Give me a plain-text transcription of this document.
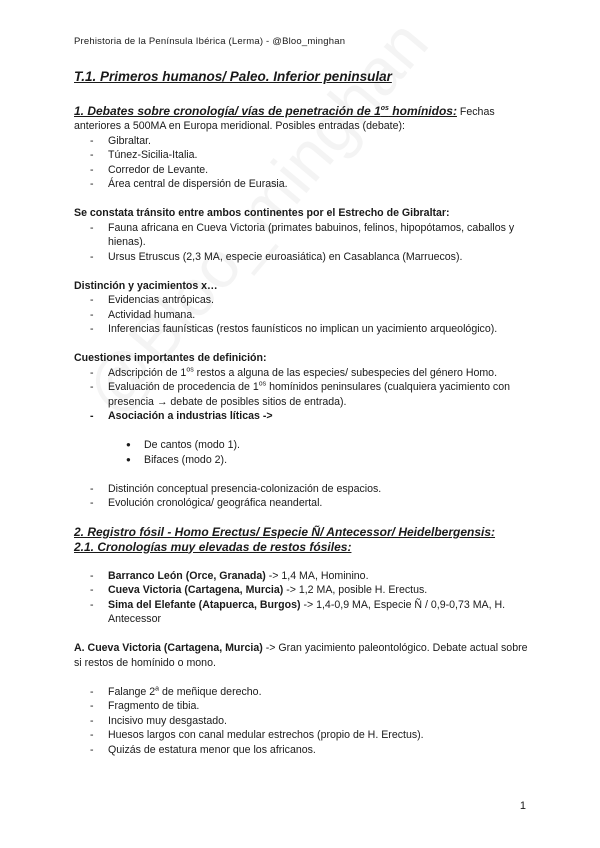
Prehistoria de la Península Ibérica (Lerma) - @Bloo_minghan
T.1. Primeros humanos/ Paleo. Inferior peninsular
1. Debates sobre cronología/ vías de penetración de $1^{os}$ homínidos: Fechas anteriores a 500MA en Europa meridional. Posibles entradas (debate):
- Gibraltar.
- Túnez-Sicilia-Italia.
- Corredor de Levante.
- Área central de dispersión de Eurasia.
Se constata tránsito entre ambos continentes por el Estrecho de Gibraltar:
- Fauna africana en Cueva Victoria (primates babuinos, felinos, hipopótamos, caballos y hienas).
- Ursus Etruscus (2,3 MA, especie euroasiática) en Casablanca (Marruecos).
Distinción y yacimientos x…
- Evidencias antrópicas.
- Actividad humana.
- Inferencias faunísticas (restos faunísticos no implican un yacimiento arqueológico).
Cuestiones importantes de definición:
- Adscripción de $1^{os}$ restos a alguna de las especies/ subespecies del género Homo.
- Evaluación de procedencia de $1^{os}$ homínidos peninsulares (cualquiera yacimiento con presencia → debate de posibles sitios de entrada).
- Asociación a industrias líticas ->
● De cantos (modo 1).
● Bifaces (modo 2).
- Distinción conceptual presencia-colonización de espacios.
- Evolución cronológica/ geográfica neandertal.
2. Registro fósil - Homo Erectus/ Especie Ñ/ Antecessor/ Heidelbergensis:
2.1. Cronologías muy elevadas de restos fósiles:
- Barranco León (Orce, Granada) -> 1,4 MA, Hominino.
- Cueva Victoria (Cartagena, Murcia) -> 1,2 MA, posible H. Erectus.
- Sima del Elefante (Atapuerca, Burgos) -> 1,4-0,9 MA, Especie Ñ / 0,9-0,73 MA, H. Antecessor
A. Cueva Victoria (Cartagena, Murcia) -> Gran yacimiento paleontológico. Debate actual sobre si restos de homínido o mono.
- Falange 2$^a$ de meñique derecho.
- Fragmento de tibia.
- Incisivo muy desgastado.
- Huesos largos con canal medular estrechos (propio de H. Erectus).
- Quizás de estatura menor que los africanos.
1
